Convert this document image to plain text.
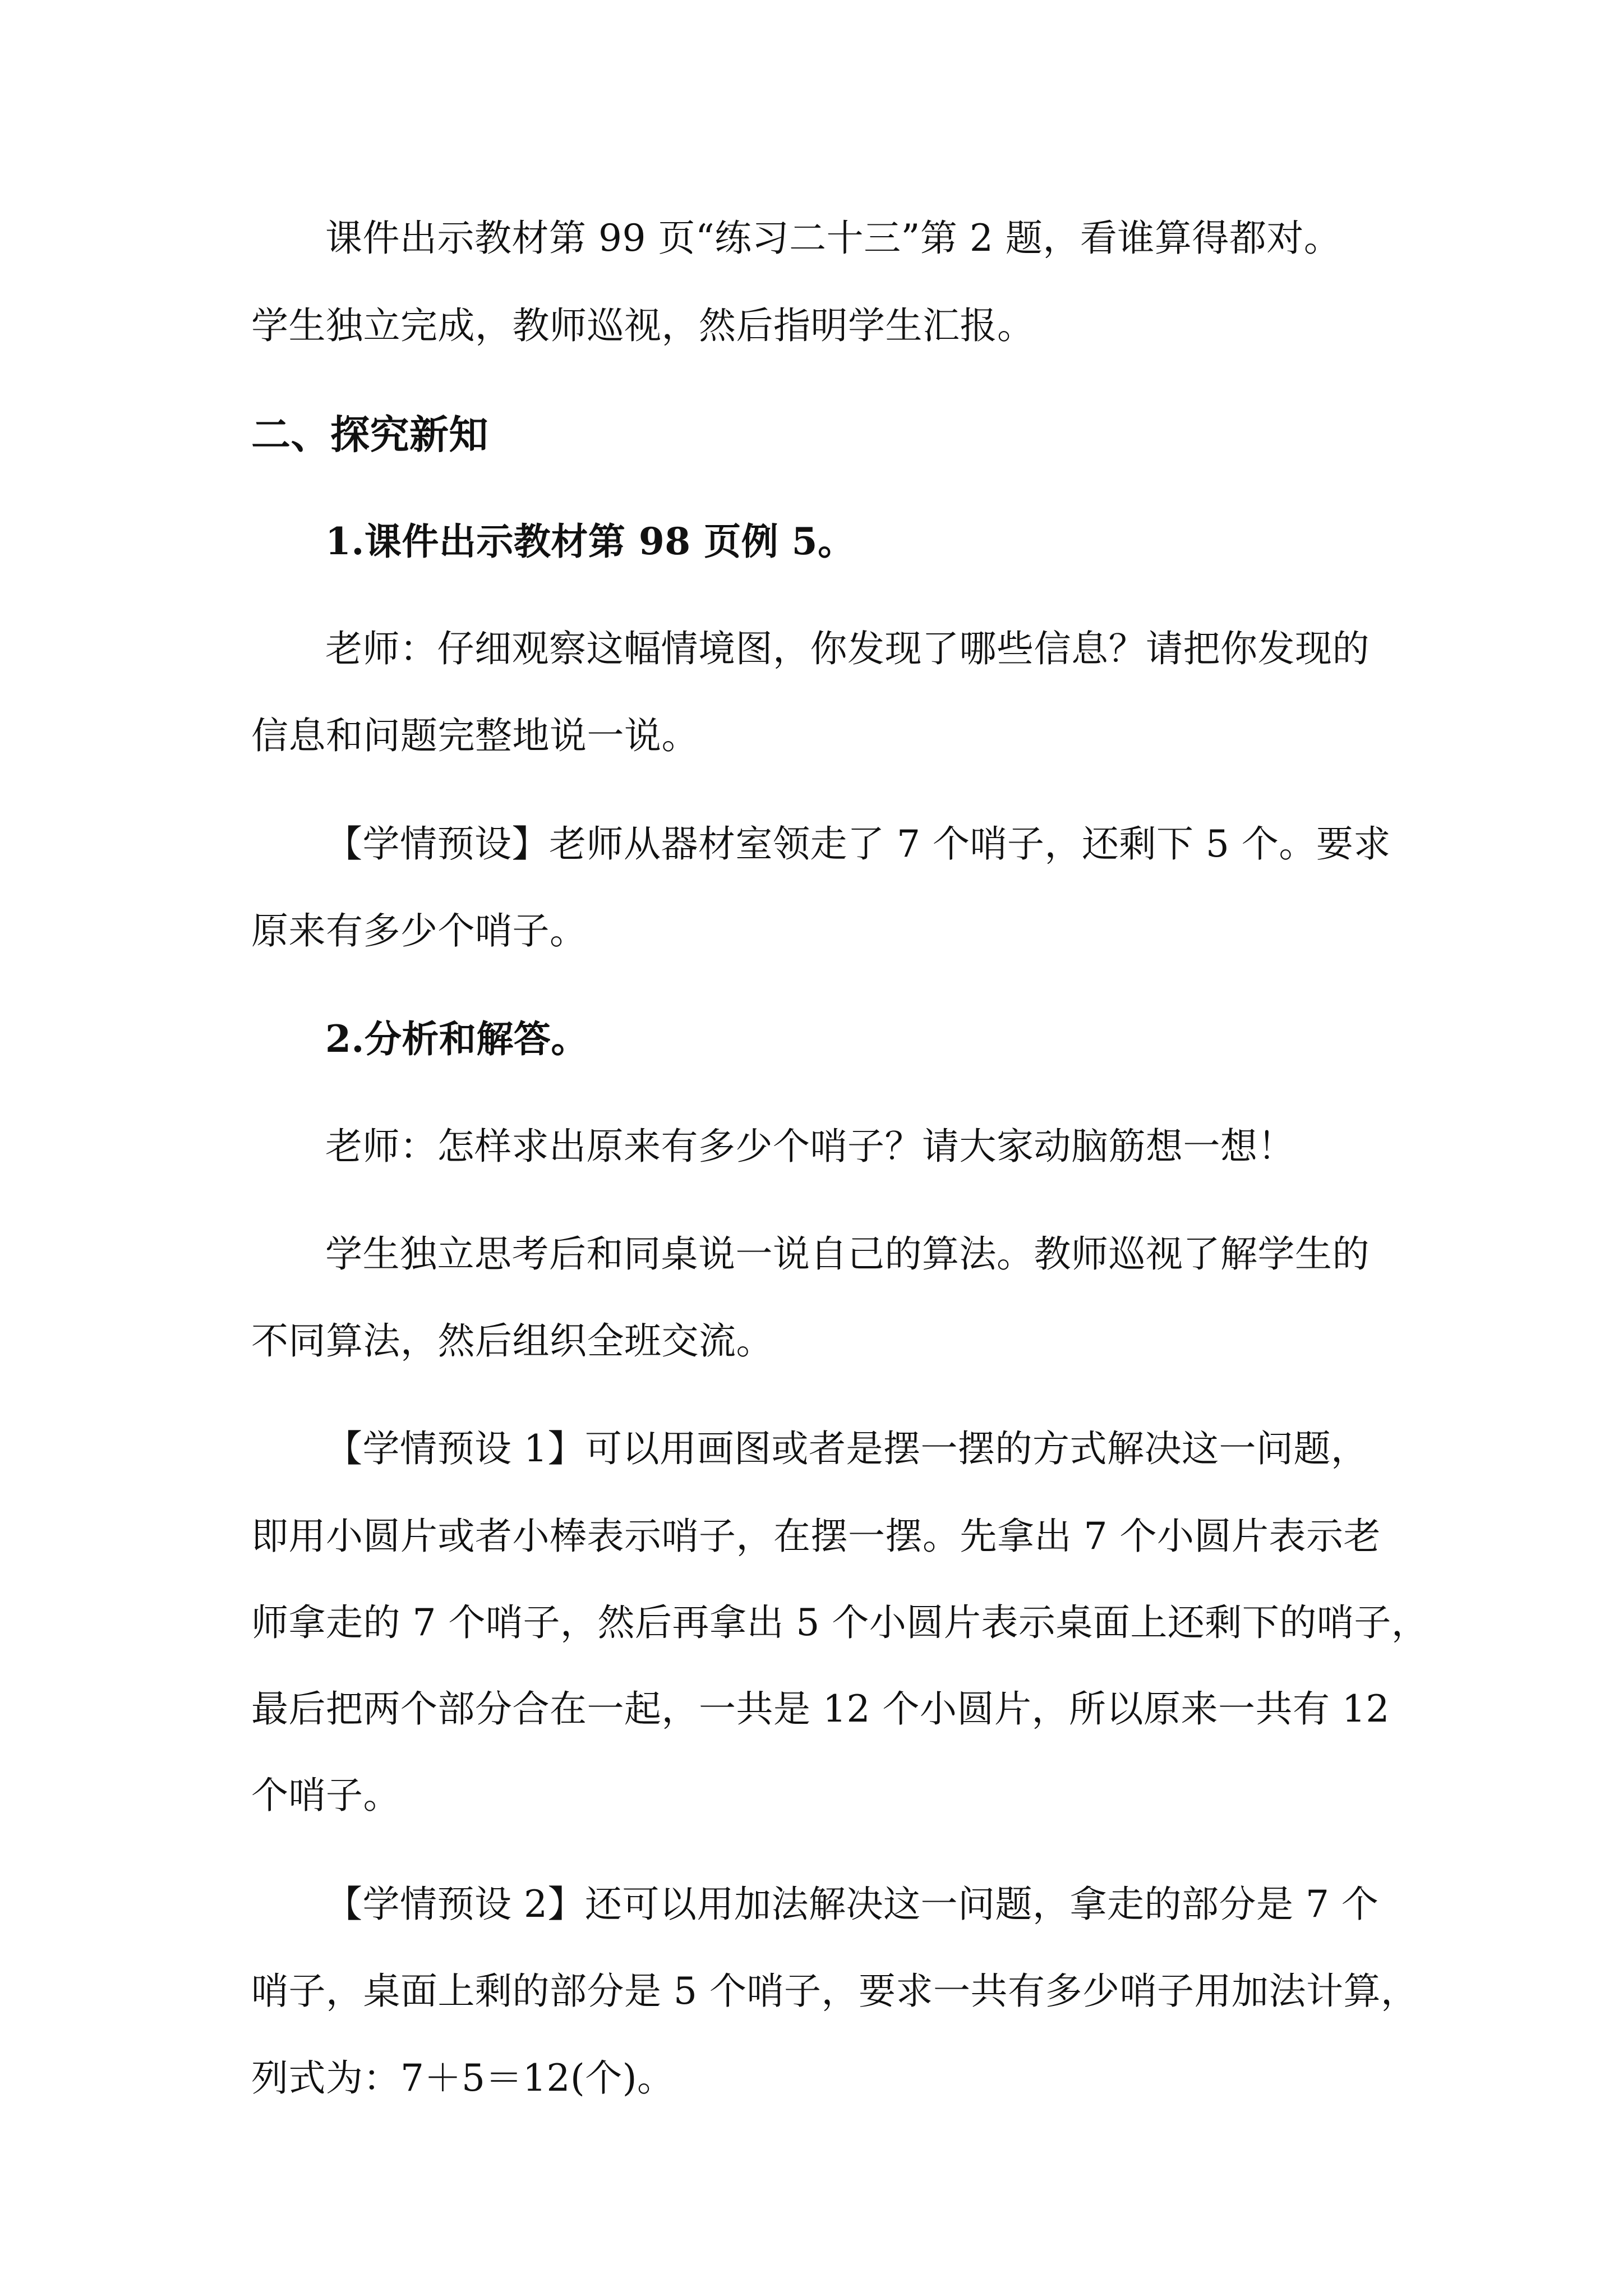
课件出示教材第 99 页“练习二十三”第 2 题，看谁算得都对。
学生独立完成，教师巡视，然后指明学生汇报。
二、探究新知
1.课件出示教材第 98 页例 5。
老师：仔细观察这幅情境图，你发现了哪些信息？请把你发现的
信息和问题完整地说一说。
【学情预设】老师从器材室领走了 7 个哨子，还剩下 5 个。要求
原来有多少个哨子。
2.分析和解答。
老师：怎样求出原来有多少个哨子？请大家动脑筋想一想！
学生独立思考后和同桌说一说自己的算法。教师巡视了解学生的
不同算法，然后组织全班交流。
【学情预设 1】可以用画图或者是摆一摆的方式解决这一问题，
即用小圆片或者小棒表示哨子，在摆一摆。先拿出 7 个小圆片表示老
师拿走的 7 个哨子，然后再拿出 5 个小圆片表示桌面上还剩下的哨子，
最后把两个部分合在一起，一共是 12 个小圆片，所以原来一共有 12
个哨子。
【学情预设 2】还可以用加法解决这一问题，拿走的部分是 7 个
哨子，桌面上剩的部分是 5 个哨子，要求一共有多少哨子用加法计算，
列式为：7＋5＝12(个)。
